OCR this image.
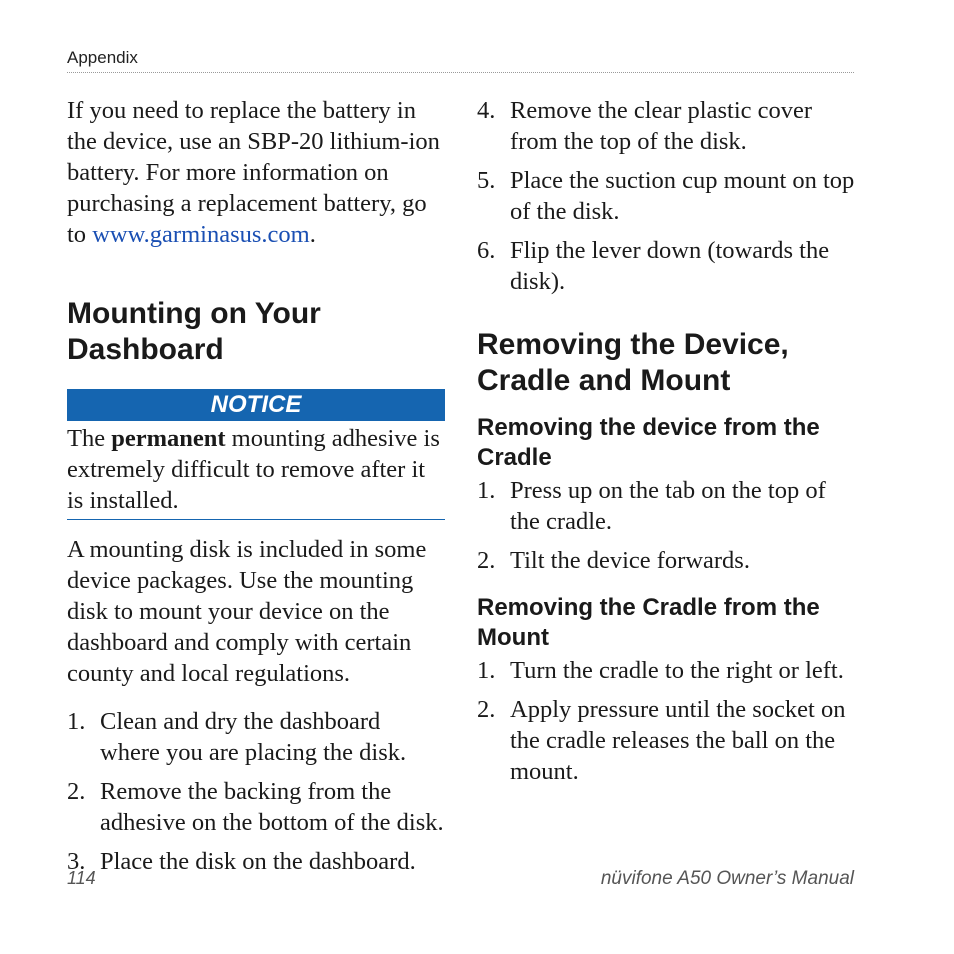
Appendix

If you need to replace the battery in the device, use an SBP-20 lithium-ion battery. For more information on purchasing a replacement battery, go to www.garminasus.com.

Mounting on Your Dashboard
NOTICE

The permanent mounting adhesive is extremely difficult to remove after it is installed.

A mounting disk is included in some device packages. Use the mounting disk to mount your device on the dashboard and comply with certain county and local regulations.

1. Clean and dry the dashboard where you are placing the disk.
2. Remove the backing from the adhesive on the bottom of the disk.
3. Place the disk on the dashboard.
4. Remove the clear plastic cover from the top of the disk.
5. Place the suction cup mount on top of the disk.
6. Flip the lever down (towards the disk).
Removing the Device, Cradle and Mount
Removing the device from the Cradle
1. Press up on the tab on the top of the cradle.
2. Tilt the device forwards.
Removing the Cradle from the Mount
1. Turn the cradle to the right or left.
2. Apply pressure until the socket on the cradle releases the ball on the mount.
114	nüvifone A50 Owner’s Manual
